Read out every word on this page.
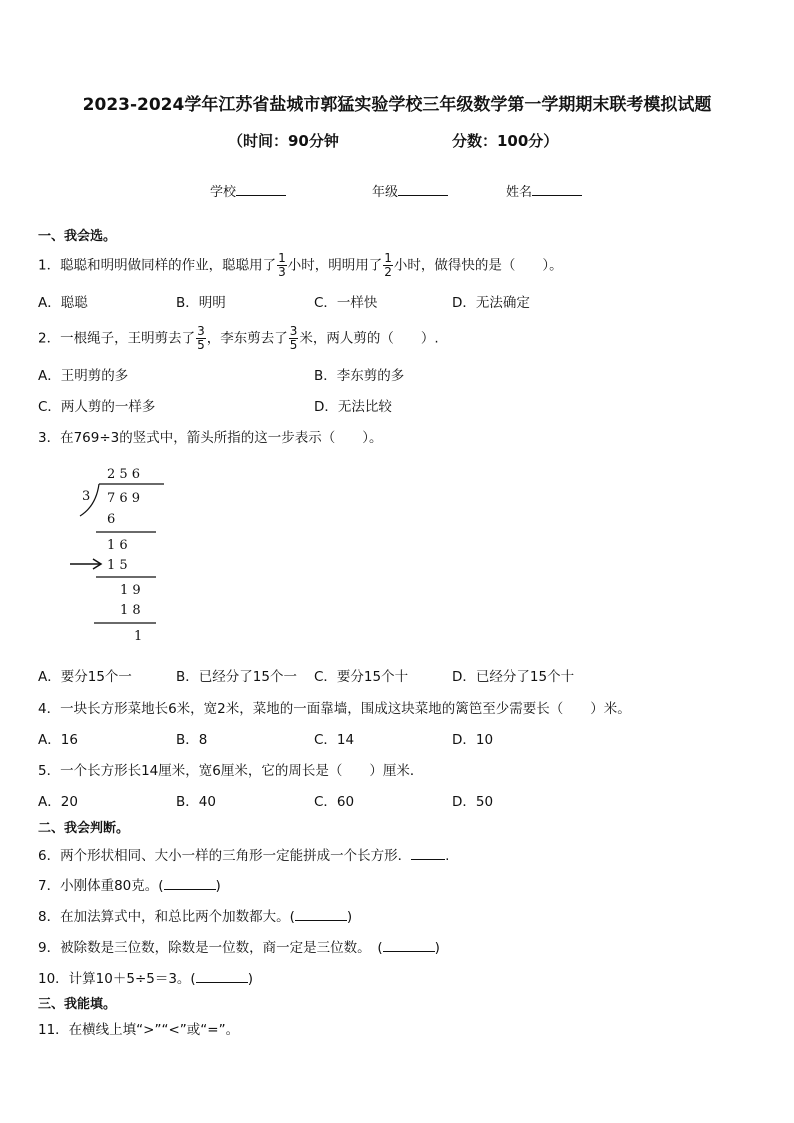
2023-2024学年江苏省盐城市郭猛实验学校三年级数学第一学期期末联考模拟试题
（时间：90分钟	分数：100分）
学校	年级	姓名
一、我会选。
1．聪聪和明明做同样的作业，聪聪用了 $\frac{1}{3}$ 小时，明明用了 $\frac{1}{2}$ 小时，做得快的是（　　）。
A．聪聪	B．明明	C．一样快	D．无法确定
2．一根绳子，王明剪去了 $\frac{3}{5}$ ，李东剪去了 $\frac{3}{5}$ 米，两人剪的（　　）.
A．王明剪的多	B．李东剪的多
C．两人剪的一样多	D．无法比较
3．在769÷3的竖式中，箭头所指的这一步表示（　　）。
2 5 6
3 7 6 9
6
1 6
1 5
1 9
1 8
1
A．要分15个一	B．已经分了15个一 C．要分15个十	D．已经分了15个十
4．一块长方形菜地长6米，宽2米，菜地的一面靠墙，围成这块菜地的篱笆至少需要长（　　）米。
A．16	B．8	C．14	D．10
5．一个长方形长14厘米，宽6厘米，它的周长是（　　）厘米．
A．20	B．40	C．60	D．50
二、我会判断。
6．两个形状相同、大小一样的三角形一定能拼成一个长方形．	.
7．小刚体重80克。(	)
8．在加法算式中，和总比两个加数都大。(	)
9．被除数是三位数，除数是一位数，商一定是三位数。　(	)
10．计算10＋5÷5＝3。(	)
三、我能填。
11．在横线上填“>”“<”或“=”。
